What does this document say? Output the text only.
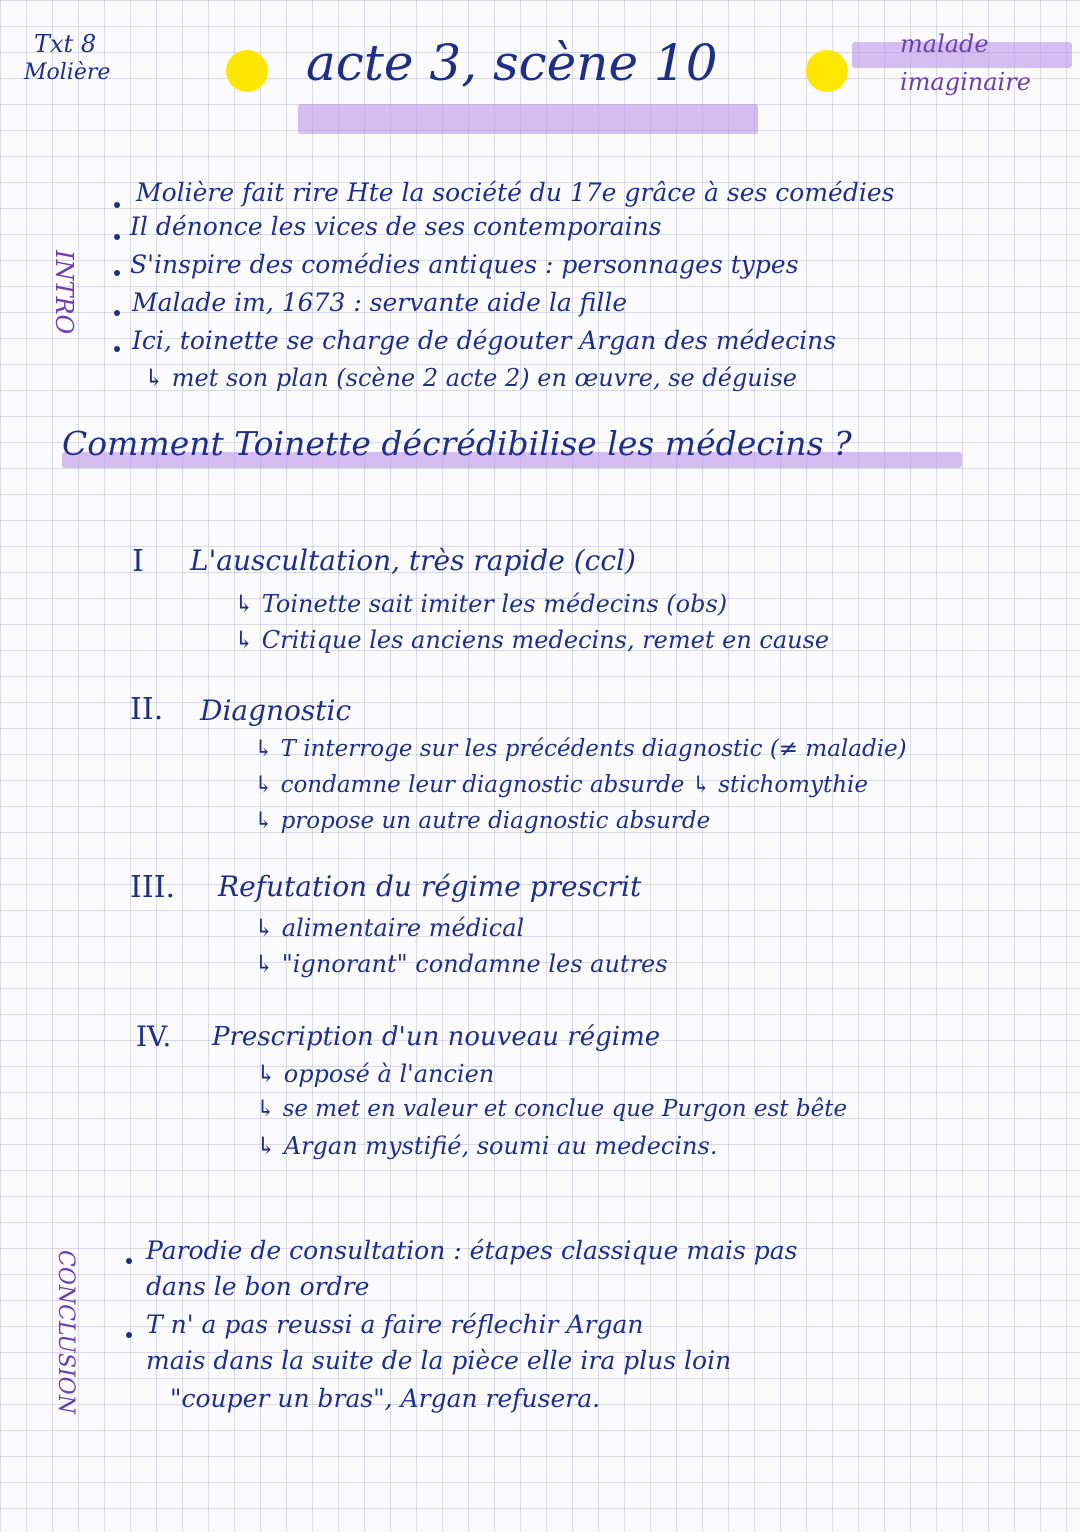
Txt 8
Molière	acte 3, scène 10	malade
imaginaire
INTRO
Molière fait rire Hte la société du 17e grâce à ses comédies
Il dénonce les vices de ses contemporains
S'inspire des comédies antiques : personnages types
Malade im, 1673 : servante aide la fille
Ici, toinette se charge de dégouter Argan des médecins
↳ met son plan (scène 2 acte 2) en œuvre, se déguise
Comment Toinette décrédibilise les médecins ?
I L'auscultation, très rapide (ccl)
↳ Toinette sait imiter les médecins (obs)
↳ Critique les anciens medecins, remet en cause
II. Diagnostic
↳ T interroge sur les précédents diagnostic (≠ maladie)
↳ condamne leur diagnostic absurde ↳ stichomythie
↳ propose un autre diagnostic absurde
III. Refutation du régime prescrit
↳ alimentaire médical
↳ "ignorant" condamne les autres
IV. Prescription d'un nouveau régime
↳ opposé à l'ancien
↳ se met en valeur et conclue que Purgon est bête
↳ Argan mystifié, soumi au medecins.
CONCLUSION	Parodie de consultation : étapes classique mais pas
dans le bon ordre
T n' a pas reussi a faire réflechir Argan
mais dans la suite de la pièce elle ira plus loin
"couper un bras", Argan refusera.
